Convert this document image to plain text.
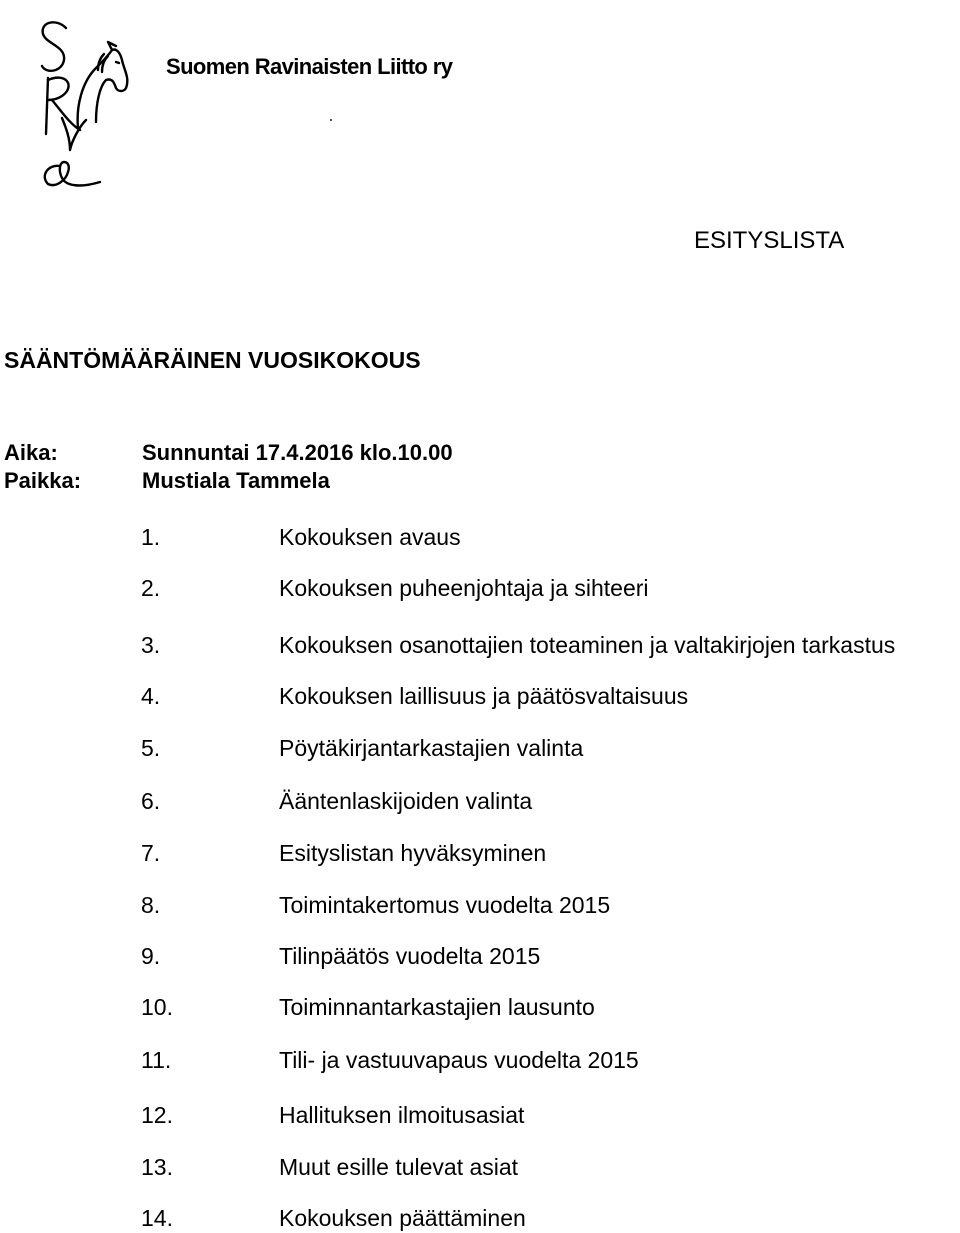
Suomen Ravinaisten Liitto ry
ESITYSLISTA
SÄÄNTÖMÄÄRÄINEN VUOSIKOKOUS
Aika:	Sunnuntai 17.4.2016 klo.10.00
Paikka:	Mustiala Tammela
1.	Kokouksen avaus
2.	Kokouksen puheenjohtaja ja sihteeri
3.	Kokouksen osanottajien toteaminen ja valtakirjojen tarkastus
4.	Kokouksen laillisuus ja päätösvaltaisuus
5.	Pöytäkirjantarkastajien valinta
6.	Ääntenlaskijoiden valinta
7.	Esityslistan hyväksyminen
8.	Toimintakertomus vuodelta 2015
9.	Tilinpäätös vuodelta 2015
10.	Toiminnantarkastajien lausunto
11.	Tili- ja vastuuvapaus vuodelta 2015
12.	Hallituksen ilmoitusasiat
13.	Muut esille tulevat asiat
14.	Kokouksen päättäminen
